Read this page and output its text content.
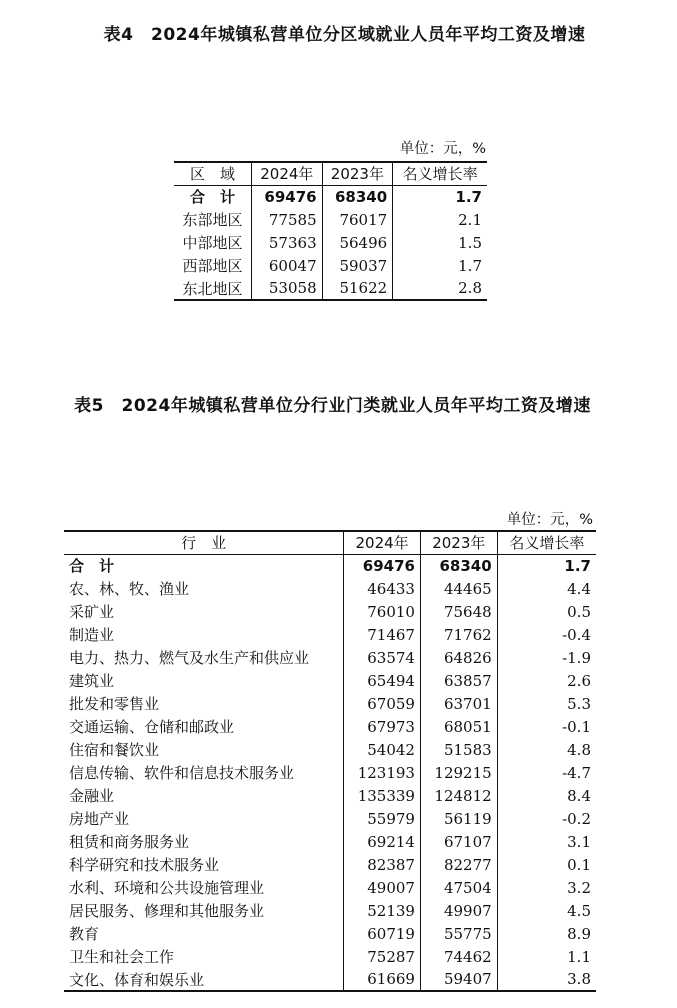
表4　2024年城镇私营单位分区域就业人员年平均工资及增速
单位：元，%
区　域	2024年	2023年	名义增长率
合　计	69476	68340	1.7
东部地区	77585	76017	2.1
中部地区	57363	56496	1.5
西部地区	60047	59037	1.7
东北地区	53058	51622	2.8
表5　2024年城镇私营单位分行业门类就业人员年平均工资及增速
单位：元，%
行　业	2024年	2023年	名义增长率
合　计	69476	68340	1.7
农、林、牧、渔业	46433	44465	4.4
采矿业	76010	75648	0.5
制造业	71467	71762	-0.4
电力、热力、燃气及水生产和供应业	63574	64826	-1.9
建筑业	65494	63857	2.6
批发和零售业	67059	63701	5.3
交通运输、仓储和邮政业	67973	68051	-0.1
住宿和餐饮业	54042	51583	4.8
信息传输、软件和信息技术服务业	123193	129215	-4.7
金融业	135339	124812	8.4
房地产业	55979	56119	-0.2
租赁和商务服务业	69214	67107	3.1
科学研究和技术服务业	82387	82277	0.1
水利、环境和公共设施管理业	49007	47504	3.2
居民服务、修理和其他服务业	52139	49907	4.5
教育	60719	55775	8.9
卫生和社会工作	75287	74462	1.1
文化、体育和娱乐业	61669	59407	3.8
